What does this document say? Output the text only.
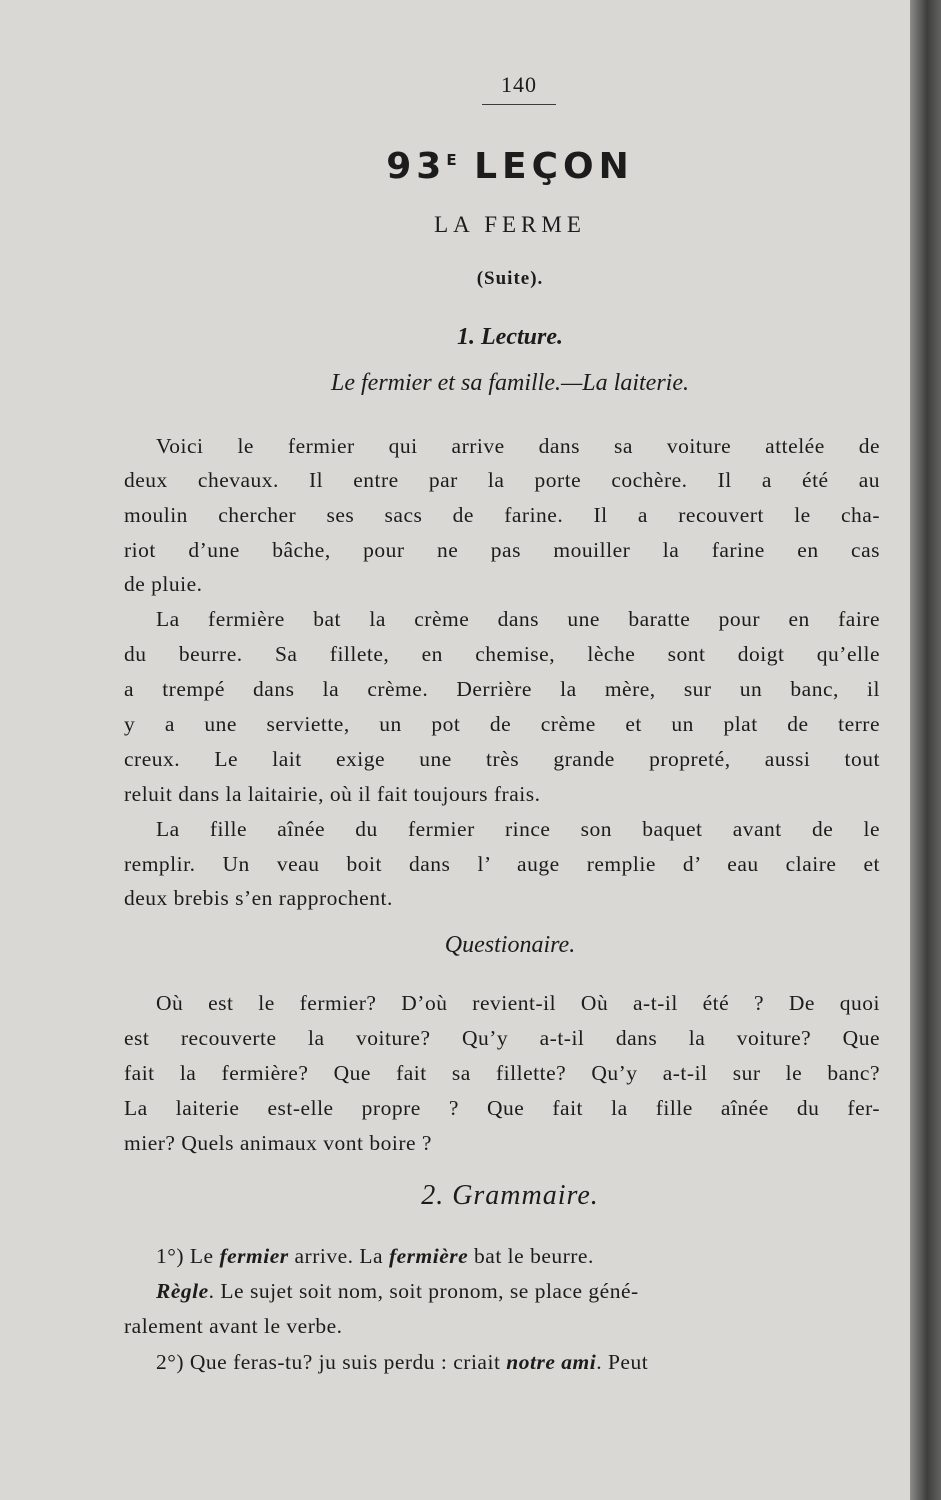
140
$93^E$ LEÇON
LA FERME
(Suite).
1. Lecture.
Le fermier et sa famille.—La laiterie.
Voici le fermier qui arrive dans sa voiture attelée de
deux chevaux. Il entre par la porte cochère. Il a été au
moulin chercher ses sacs de farine. Il a recouvert le cha-
riot d’une bâche, pour ne pas mouiller la farine en cas
de pluie.
La fermière bat la crème dans une baratte pour en faire
du beurre. Sa fillete, en chemise, lèche sont doigt qu’elle
a trempé dans la crème. Derrière la mère, sur un banc, il
y a une serviette, un pot de crème et un plat de terre
creux. Le lait exige une très grande propreté, aussi tout
reluit dans la laitairie, où il fait toujours frais.
La fille aînée du fermier rince son baquet avant de le
remplir. Un veau boit dans l’ auge remplie d’ eau claire et
deux brebis s’en rapprochent.
Questionaire.
Où est le fermier? D’où revient-il Où a-t-il été ? De quoi
est recouverte la voiture? Qu’y a-t-il dans la voiture? Que
fait la fermière? Que fait sa fillette? Qu’y a-t-il sur le banc?
La laiterie est-elle propre ? Que fait la fille aînée du fer-
mier? Quels animaux vont boire ?
2. Grammaire.
1°) Le fermier arrive. La fermière bat le beurre.
Règle. Le sujet soit nom, soit pronom, se place géné-
ralement avant le verbe.
2°) Que feras-tu? ju suis perdu : criait notre ami. Peut
